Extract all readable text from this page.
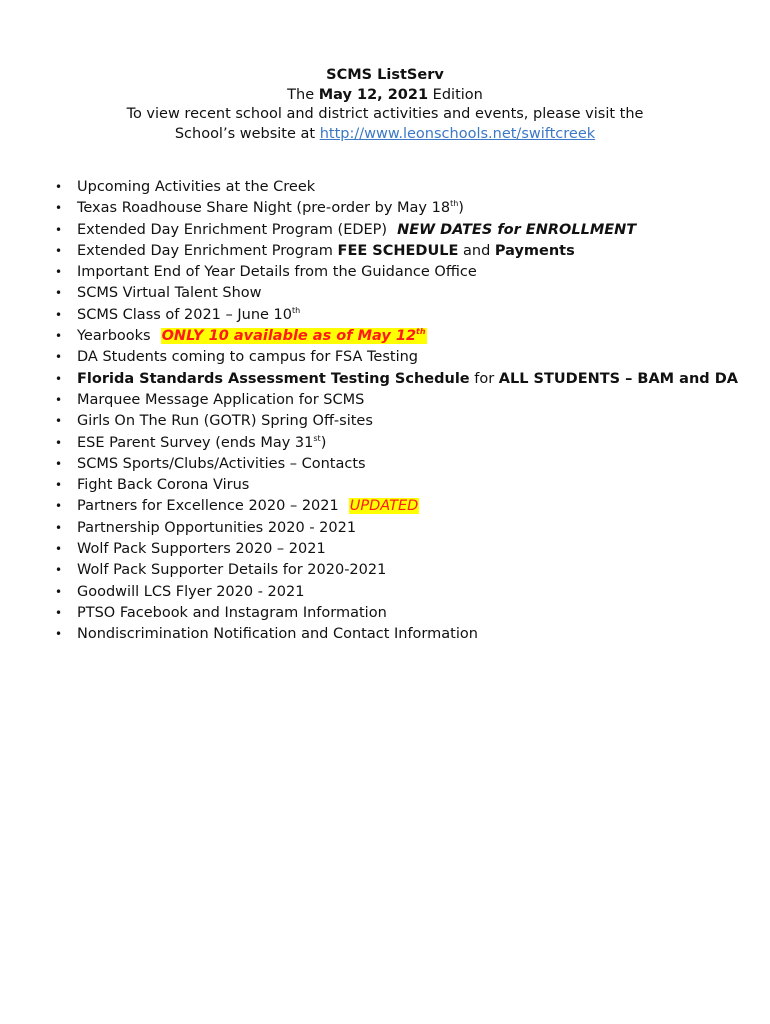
SCMS ListServ
The May 12, 2021 Edition
To view recent school and district activities and events, please visit the
School’s website at http://www.leonschools.net/swiftcreek
•	Upcoming Activities at the Creek
•	Texas Roadhouse Share Night (pre-order by May 18th)
•	Extended Day Enrichment Program (EDEP) NEW DATES for ENROLLMENT
•	Extended Day Enrichment Program FEE SCHEDULE and Payments
•	Important End of Year Details from the Guidance Office
•	SCMS Virtual Talent Show
•	SCMS Class of 2021 – June 10th
•	Yearbooks ONLY 10 available as of May 12th
•	DA Students coming to campus for FSA Testing
•	Florida Standards Assessment Testing Schedule for ALL STUDENTS – BAM and DA
•	Marquee Message Application for SCMS
•	Girls On The Run (GOTR) Spring Off-sites
•	ESE Parent Survey (ends May 31st)
•	SCMS Sports/Clubs/Activities – Contacts
•	Fight Back Corona Virus
•	Partners for Excellence 2020 – 2021 UPDATED
•	Partnership Opportunities 2020 - 2021
•	Wolf Pack Supporters 2020 – 2021
•	Wolf Pack Supporter Details for 2020-2021
•	Goodwill LCS Flyer 2020 - 2021
•	PTSO Facebook and Instagram Information
•	Nondiscrimination Notification and Contact Information
